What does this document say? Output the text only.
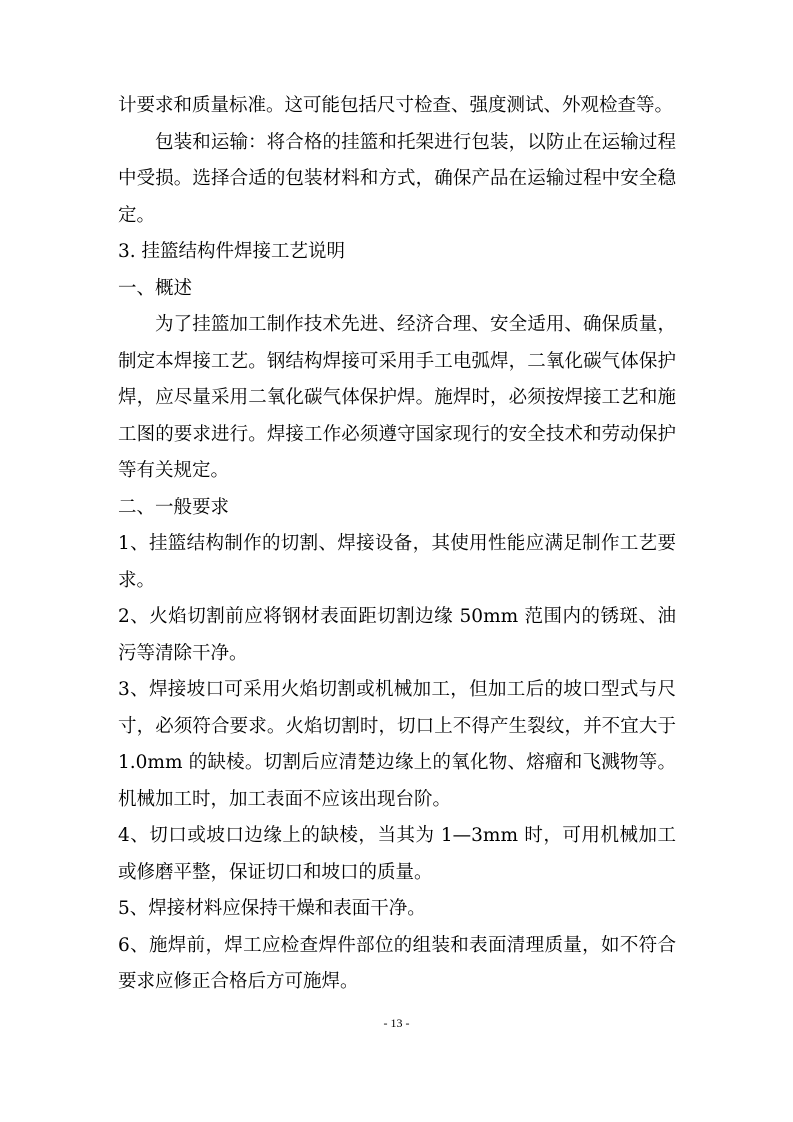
计要求和质量标准。这可能包括尺寸检查、强度测试、外观检查等。

包装和运输：将合格的挂篮和托架进行包装，以防止在运输过程中受损。选择合适的包装材料和方式，确保产品在运输过程中安全稳定。

3. 挂篮结构件焊接工艺说明

一、概述

为了挂篮加工制作技术先进、经济合理、安全适用、确保质量，制定本焊接工艺。钢结构焊接可采用手工电弧焊，二氧化碳气体保护焊，应尽量采用二氧化碳气体保护焊。施焊时，必须按焊接工艺和施工图的要求进行。焊接工作必须遵守国家现行的安全技术和劳动保护等有关规定。

二、一般要求

1、挂篮结构制作的切割、焊接设备，其使用性能应满足制作工艺要求。

2、火焰切割前应将钢材表面距切割边缘 50mm 范围内的锈斑、油污等清除干净。

3、焊接坡口可采用火焰切割或机械加工，但加工后的坡口型式与尺寸，必须符合要求。火焰切割时，切口上不得产生裂纹，并不宜大于 1.0mm 的缺棱。切割后应清楚边缘上的氧化物、熔瘤和飞溅物等。机械加工时，加工表面不应该出现台阶。

4、切口或坡口边缘上的缺棱，当其为 1—3mm 时，可用机械加工或修磨平整，保证切口和坡口的质量。

5、焊接材料应保持干燥和表面干净。

6、施焊前，焊工应检查焊件部位的组装和表面清理质量，如不符合要求应修正合格后方可施焊。

- 13 -
